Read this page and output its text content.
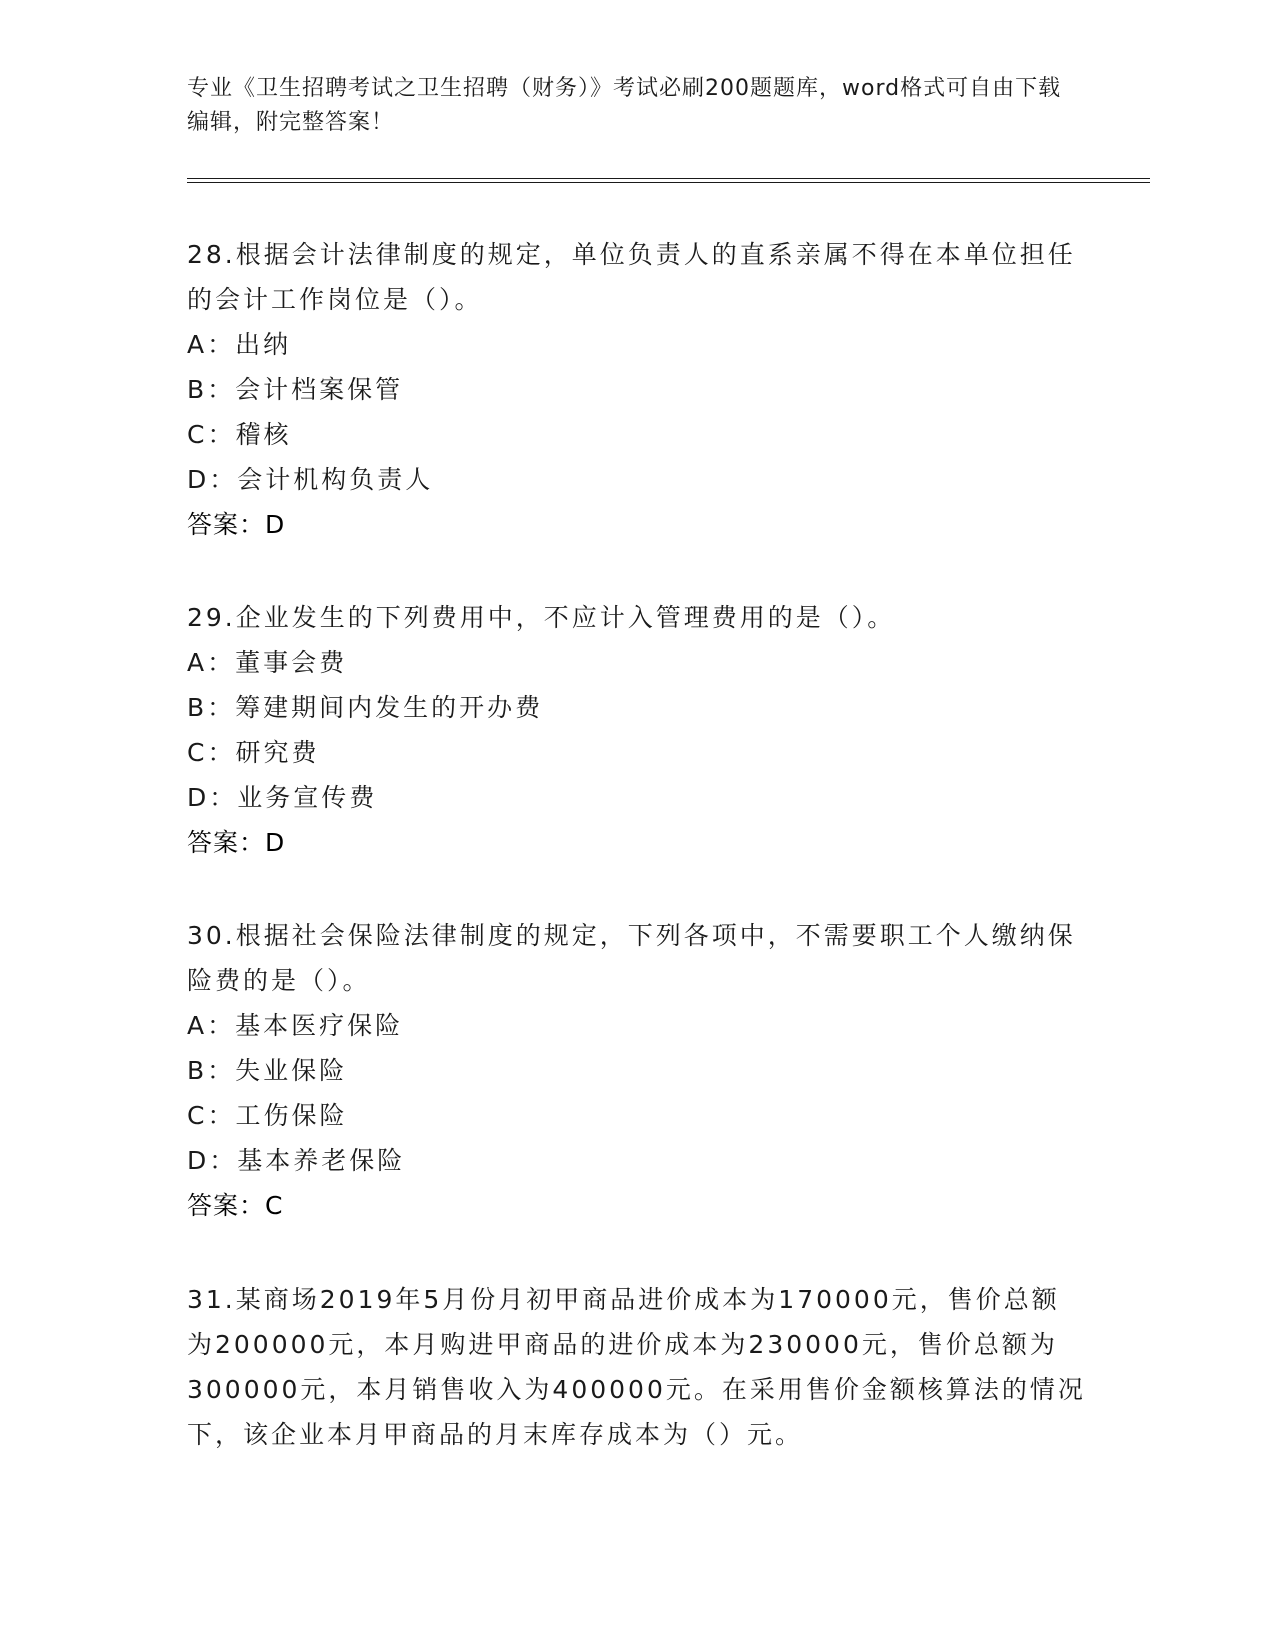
专业《卫生招聘考试之卫生招聘（财务）》考试必刷200题题库，word格式可自由下载编辑，附完整答案！
28.根据会计法律制度的规定，单位负责人的直系亲属不得在本单位担任的会计工作岗位是（）。
A：出纳
B：会计档案保管
C：稽核
D：会计机构负责人
答案：D
29.企业发生的下列费用中，不应计入管理费用的是（）。
A：董事会费
B：筹建期间内发生的开办费
C：研究费
D：业务宣传费
答案：D
30.根据社会保险法律制度的规定，下列各项中，不需要职工个人缴纳保险费的是（）。
A：基本医疗保险
B：失业保险
C：工伤保险
D：基本养老保险
答案：C
31.某商场2019年5月份月初甲商品进价成本为170000元，售价总额为200000元，本月购进甲商品的进价成本为230000元，售价总额为300000元，本月销售收入为400000元。在采用售价金额核算法的情况下，该企业本月甲商品的月末库存成本为（）元。
